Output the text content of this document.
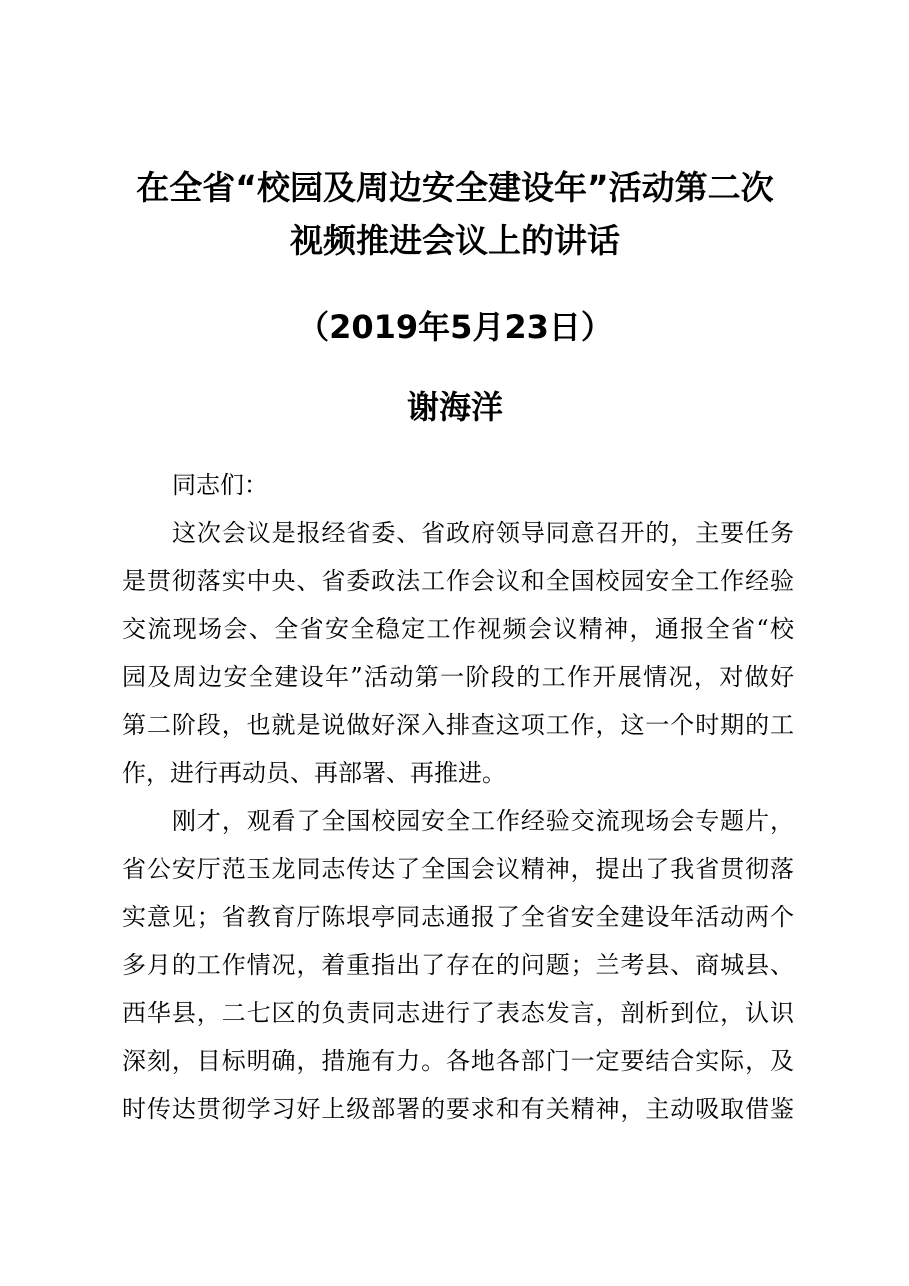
在全省“校园及周边安全建设年”活动第二次
视频推进会议上的讲话
（2019年5月23日）
谢海洋
同志们：
这次会议是报经省委、省政府领导同意召开的，主要任务
是贯彻落实中央、省委政法工作会议和全国校园安全工作经验
交流现场会、全省安全稳定工作视频会议精神，通报全省“校
园及周边安全建设年”活动第一阶段的工作开展情况，对做好
第二阶段，也就是说做好深入排查这项工作，这一个时期的工
作，进行再动员、再部署、再推进。
刚才，观看了全国校园安全工作经验交流现场会专题片，
省公安厅范玉龙同志传达了全国会议精神，提出了我省贯彻落
实意见；省教育厅陈垠亭同志通报了全省安全建设年活动两个
多月的工作情况，着重指出了存在的问题；兰考县、商城县、
西华县，二七区的负责同志进行了表态发言，剖析到位，认识
深刻，目标明确，措施有力。各地各部门一定要结合实际，及
时传达贯彻学习好上级部署的要求和有关精神，主动吸取借鉴
